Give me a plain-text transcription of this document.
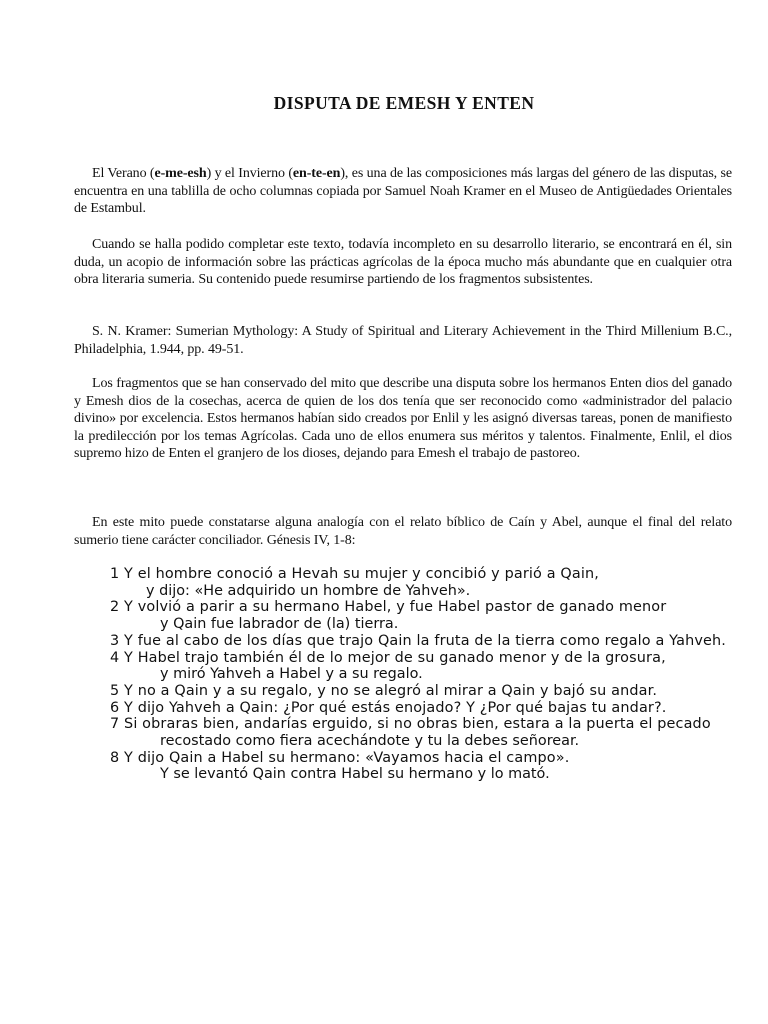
DISPUTA DE EMESH Y ENTEN

El Verano (e-me-esh) y el Invierno (en-te-en), es una de las composiciones más largas del género de las disputas, se encuentra en una tablilla de ocho columnas copiada por Samuel Noah Kramer en el Museo de Antigüedades Orientales de Estambul.

Cuando se halla podido completar este texto, todavía incompleto en su desarrollo literario, se encontrará en él, sin duda, un acopio de información sobre las prácticas agrícolas de la época mucho más abundante que en cualquier otra obra literaria sumeria. Su contenido puede resumirse partiendo de los fragmentos subsistentes.

S. N. Kramer: Sumerian Mythology: A Study of Spiritual and Literary Achievement in the Third Millenium B.C., Philadelphia, 1.944, pp. 49-51.

Los fragmentos que se han conservado del mito que describe una disputa sobre los hermanos Enten dios del ganado y Emesh dios de la cosechas, acerca de quien de los dos tenía que ser reconocido como «administrador del palacio divino» por excelencia. Estos hermanos habían sido creados por Enlil y les asignó diversas tareas, ponen de manifiesto la predilección por los temas Agrícolas. Cada uno de ellos enumera sus méritos y talentos. Finalmente, Enlil, el dios supremo hizo de Enten el granjero de los dioses, dejando para Emesh el trabajo de pastoreo.

En este mito puede constatarse alguna analogía con el relato bíblico de Caín y Abel, aunque el final del relato sumerio tiene carácter conciliador. Génesis IV, 1-8:

1 Y el hombre conoció a Hevah su mujer y concibió y parió a Qain,
y dijo: «He adquirido un hombre de Yahveh».
2 Y volvió a parir a su hermano Habel, y fue Habel pastor de ganado menor
y Qain fue labrador de (la) tierra.
3 Y fue al cabo de los días que trajo Qain la fruta de la tierra como regalo a Yahveh.
4 Y Habel trajo también él de lo mejor de su ganado menor y de la grosura,
y miró Yahveh a Habel y a su regalo.
5 Y no a Qain y a su regalo, y no se alegró al mirar a Qain y bajó su andar.
6 Y dijo Yahveh a Qain: ¿Por qué estás enojado? Y ¿Por qué bajas tu andar?.
7 Si obraras bien, andarías erguido, si no obras bien, estara a la puerta el pecado
recostado como fiera acechándote y tu la debes señorear.
8 Y dijo Qain a Habel su hermano: «Vayamos hacia el campo».
Y se levantó Qain contra Habel su hermano y lo mató.
